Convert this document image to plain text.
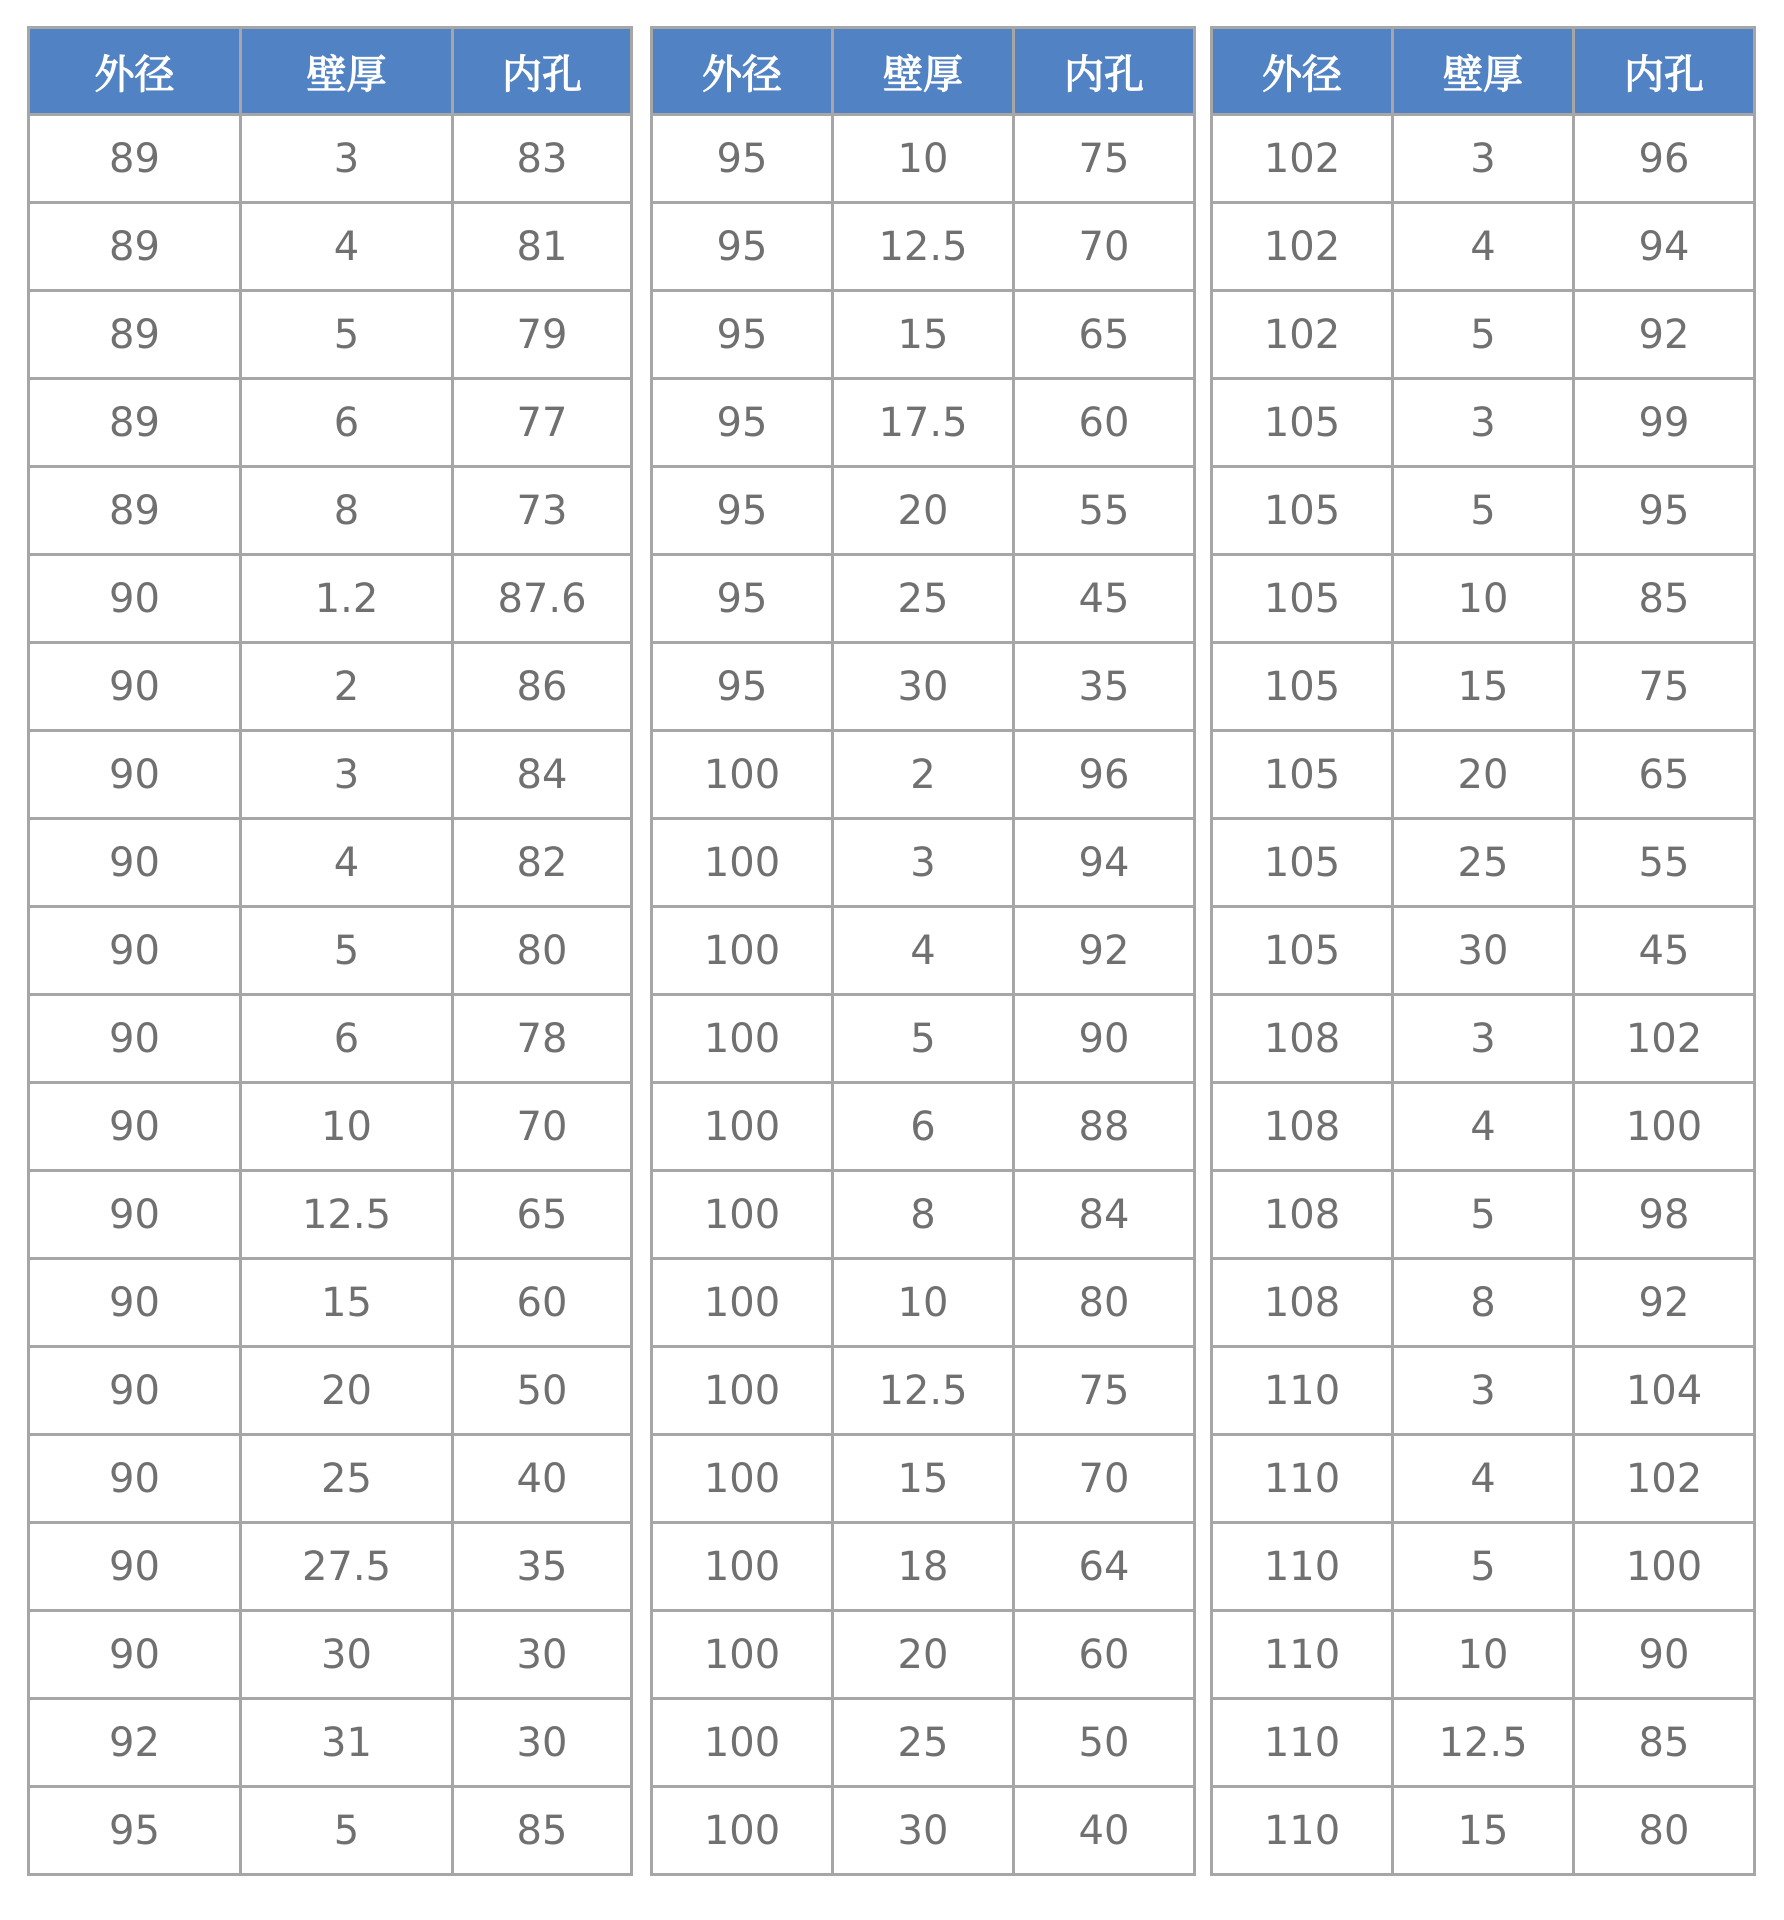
外径	壁厚	内孔
89	3	83
89	4	81
89	5	79
89	6	77
89	8	73
90	1.2	87.6
90	2	86
90	3	84
90	4	82
90	5	80
90	6	78
90	10	70
90	12.5	65
90	15	60
90	20	50
90	25	40
90	27.5	35
90	30	30
92	31	30
95	5	85
外径	壁厚	内孔
95	10	75
95	12.5	70
95	15	65
95	17.5	60
95	20	55
95	25	45
95	30	35
100	2	96
100	3	94
100	4	92
100	5	90
100	6	88
100	8	84
100	10	80
100	12.5	75
100	15	70
100	18	64
100	20	60
100	25	50
100	30	40
外径	壁厚	内孔
102	3	96
102	4	94
102	5	92
105	3	99
105	5	95
105	10	85
105	15	75
105	20	65
105	25	55
105	30	45
108	3	102
108	4	100
108	5	98
108	8	92
110	3	104
110	4	102
110	5	100
110	10	90
110	12.5	85
110	15	80
